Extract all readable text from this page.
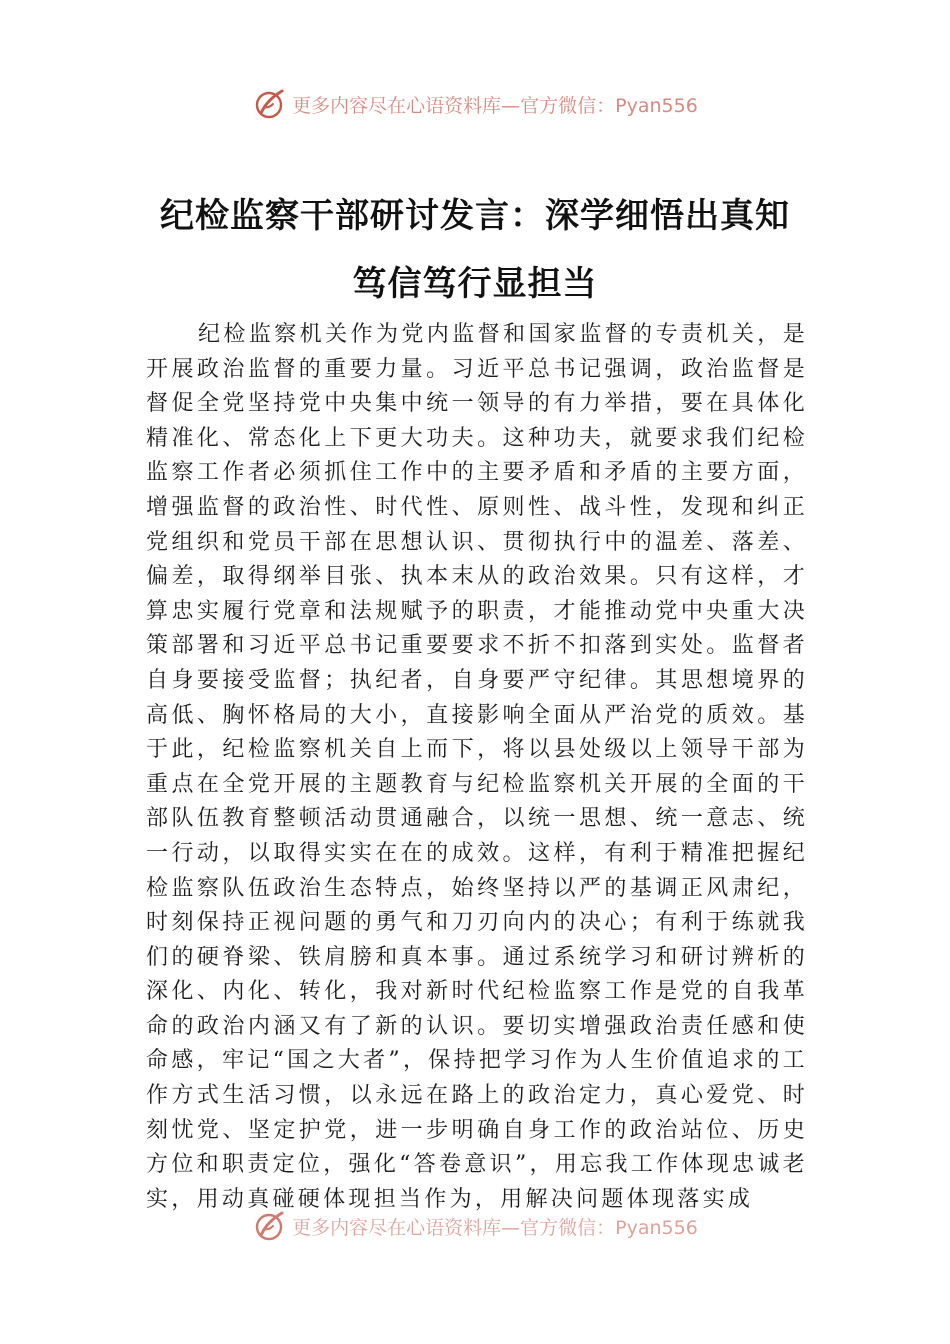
更多内容尽在心语资料库—官方微信：Pyan556
纪检监察干部研讨发言：深学细悟出真知
笃信笃行显担当
纪检监察机关作为党内监督和国家监督的专责机关，是开展政治监督的重要力量。习近平总书记强调，政治监督是督促全党坚持党中央集中统一领导的有力举措，要在具体化精准化、常态化上下更大功夫。这种功夫，就要求我们纪检监察工作者必须抓住工作中的主要矛盾和矛盾的主要方面，增强监督的政治性、时代性、原则性、战斗性，发现和纠正党组织和党员干部在思想认识、贯彻执行中的温差、落差、偏差，取得纲举目张、执本末从的政治效果。只有这样，才算忠实履行党章和法规赋予的职责，才能推动党中央重大决策部署和习近平总书记重要要求不折不扣落到实处。监督者自身要接受监督；执纪者，自身要严守纪律。其思想境界的高低、胸怀格局的大小，直接影响全面从严治党的质效。基于此，纪检监察机关自上而下，将以县处级以上领导干部为重点在全党开展的主题教育与纪检监察机关开展的全面的干部队伍教育整顿活动贯通融合，以统一思想、统一意志、统一行动，以取得实实在在的成效。这样，有利于精准把握纪检监察队伍政治生态特点，始终坚持以严的基调正风肃纪，时刻保持正视问题的勇气和刀刃向内的决心；有利于练就我们的硬脊梁、铁肩膀和真本事。通过系统学习和研讨辨析的深化、内化、转化，我对新时代纪检监察工作是党的自我革命的政治内涵又有了新的认识。要切实增强政治责任感和使命感，牢记“国之大者”，保持把学习作为人生价值追求的工作方式生活习惯，以永远在路上的政治定力，真心爱党、时刻忧党、坚定护党，进一步明确自身工作的政治站位、历史方位和职责定位，强化“答卷意识”，用忘我工作体现忠诚老实，用动真碰硬体现担当作为，用解决问题体现落实成
更多内容尽在心语资料库—官方微信：Pyan556
